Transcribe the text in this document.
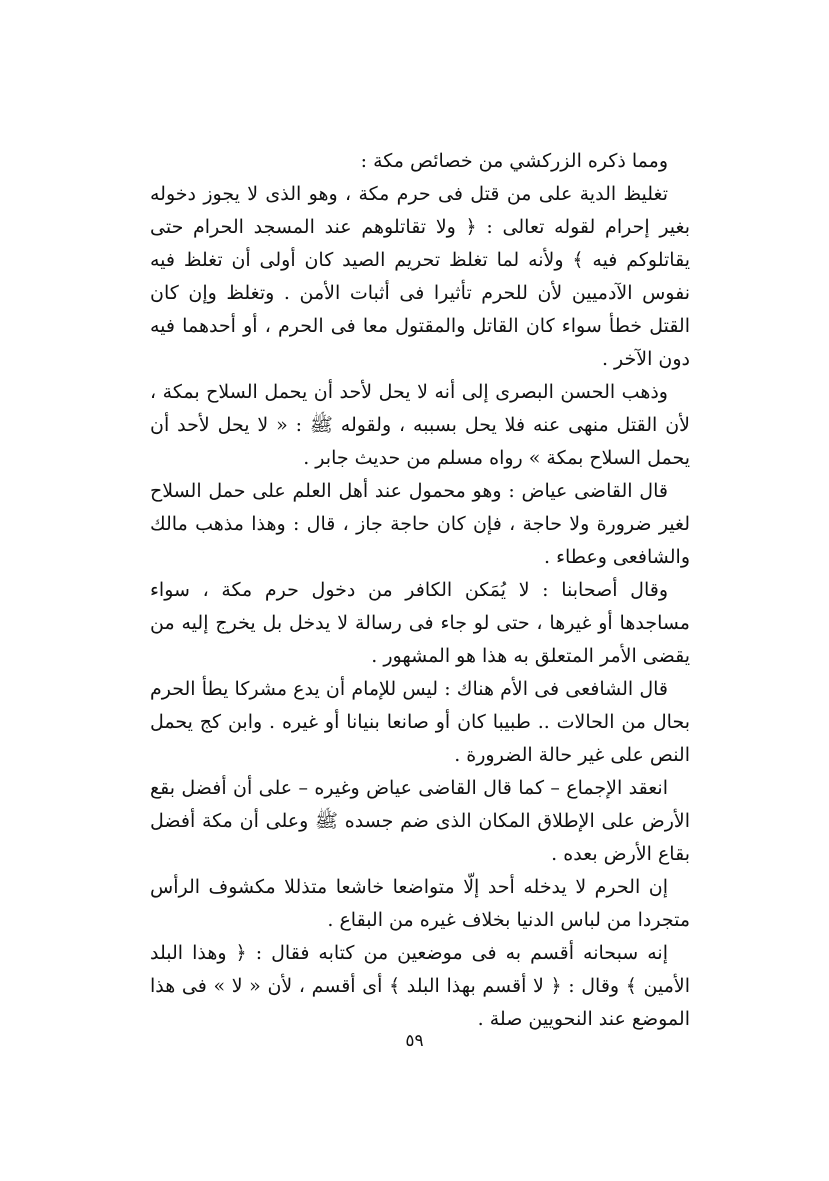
ومما ذكره الزركشي من خصائص مكة :

تغليظ الدية على من قتل فى حرم مكة ، وهو الذى لا يجوز دخوله بغير إحرام لقوله تعالى : ﴿ ولا تقاتلوهم عند المسجد الحرام حتى يقاتلوكم فيه ﴾ ولأنه لما تغلظ تحريم الصيد كان أولى أن تغلظ فيه نفوس الآدميين لأن للحرم تأثيرا فى أثبات الأمن . وتغلظ وإن كان القتل خطأ سواء كان القاتل والمقتول معا فى الحرم ، أو أحدهما فيه دون الآخر .

وذهب الحسن البصرى إلى أنه لا يحل لأحد أن يحمل السلاح بمكة ، لأن القتل منهى عنه فلا يحل بسببه ، ولقوله ﷺ : « لا يحل لأحد أن يحمل السلاح بمكة » رواه مسلم من حديث جابر .

قال القاضى عياض : وهو محمول عند أهل العلم على حمل السلاح لغير ضرورة ولا حاجة ، فإن كان حاجة جاز ، قال : وهذا مذهب مالك والشافعى وعطاء .

وقال أصحابنا : لا يُمَكن الكافر من دخول حرم مكة ، سواء مساجدها أو غيرها ، حتى لو جاء فى رسالة لا يدخل بل يخرج إليه من يقضى الأمر المتعلق به هذا هو المشهور .

قال الشافعى فى الأم هناك : ليس للإمام أن يدع مشركا يطأ الحرم بحال من الحالات .. طبيبا كان أو صانعا بنيانا أو غيره . وابن كج يحمل النص على غير حالة الضرورة .

انعقد الإجماع – كما قال القاضى عياض وغيره – على أن أفضل بقع الأرض على الإطلاق المكان الذى ضم جسده ﷺ وعلى أن مكة أفضل بقاع الأرض بعده .

إن الحرم لا يدخله أحد إلّا متواضعا خاشعا متذللا مكشوف الرأس متجردا من لباس الدنيا بخلاف غيره من البقاع .

إنه سبحانه أقسم به فى موضعين من كتابه فقال : ﴿ وهذا البلد الأمين ﴾ وقال : ﴿ لا أقسم بهذا البلد ﴾ أى أقسم ، لأن « لا » فى هذا الموضع عند النحويين صلة .

٥٩
